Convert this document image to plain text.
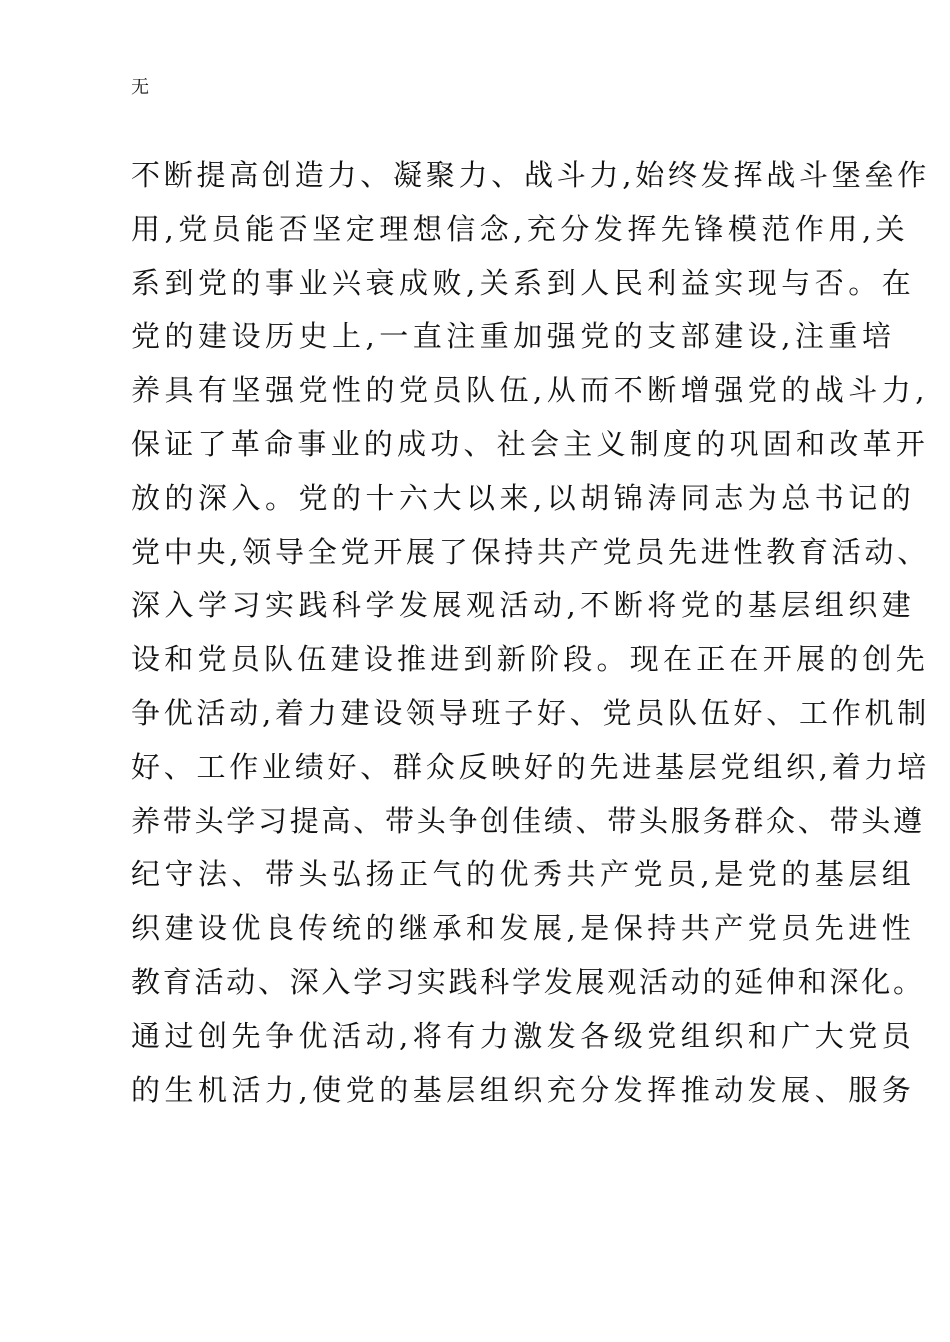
无
不断提高创造力、凝聚力、战斗力,始终发挥战斗堡垒作
用,党员能否坚定理想信念,充分发挥先锋模范作用,关
系到党的事业兴衰成败,关系到人民利益实现与否。在
党的建设历史上,一直注重加强党的支部建设,注重培
养具有坚强党性的党员队伍,从而不断增强党的战斗力,
保证了革命事业的成功、社会主义制度的巩固和改革开
放的深入。党的十六大以来,以胡锦涛同志为总书记的
党中央,领导全党开展了保持共产党员先进性教育活动、
深入学习实践科学发展观活动,不断将党的基层组织建
设和党员队伍建设推进到新阶段。现在正在开展的创先
争优活动,着力建设领导班子好、党员队伍好、工作机制
好、工作业绩好、群众反映好的先进基层党组织,着力培
养带头学习提高、带头争创佳绩、带头服务群众、带头遵
纪守法、带头弘扬正气的优秀共产党员,是党的基层组
织建设优良传统的继承和发展,是保持共产党员先进性
教育活动、深入学习实践科学发展观活动的延伸和深化。
通过创先争优活动,将有力激发各级党组织和广大党员
的生机活力,使党的基层组织充分发挥推动发展、服务
